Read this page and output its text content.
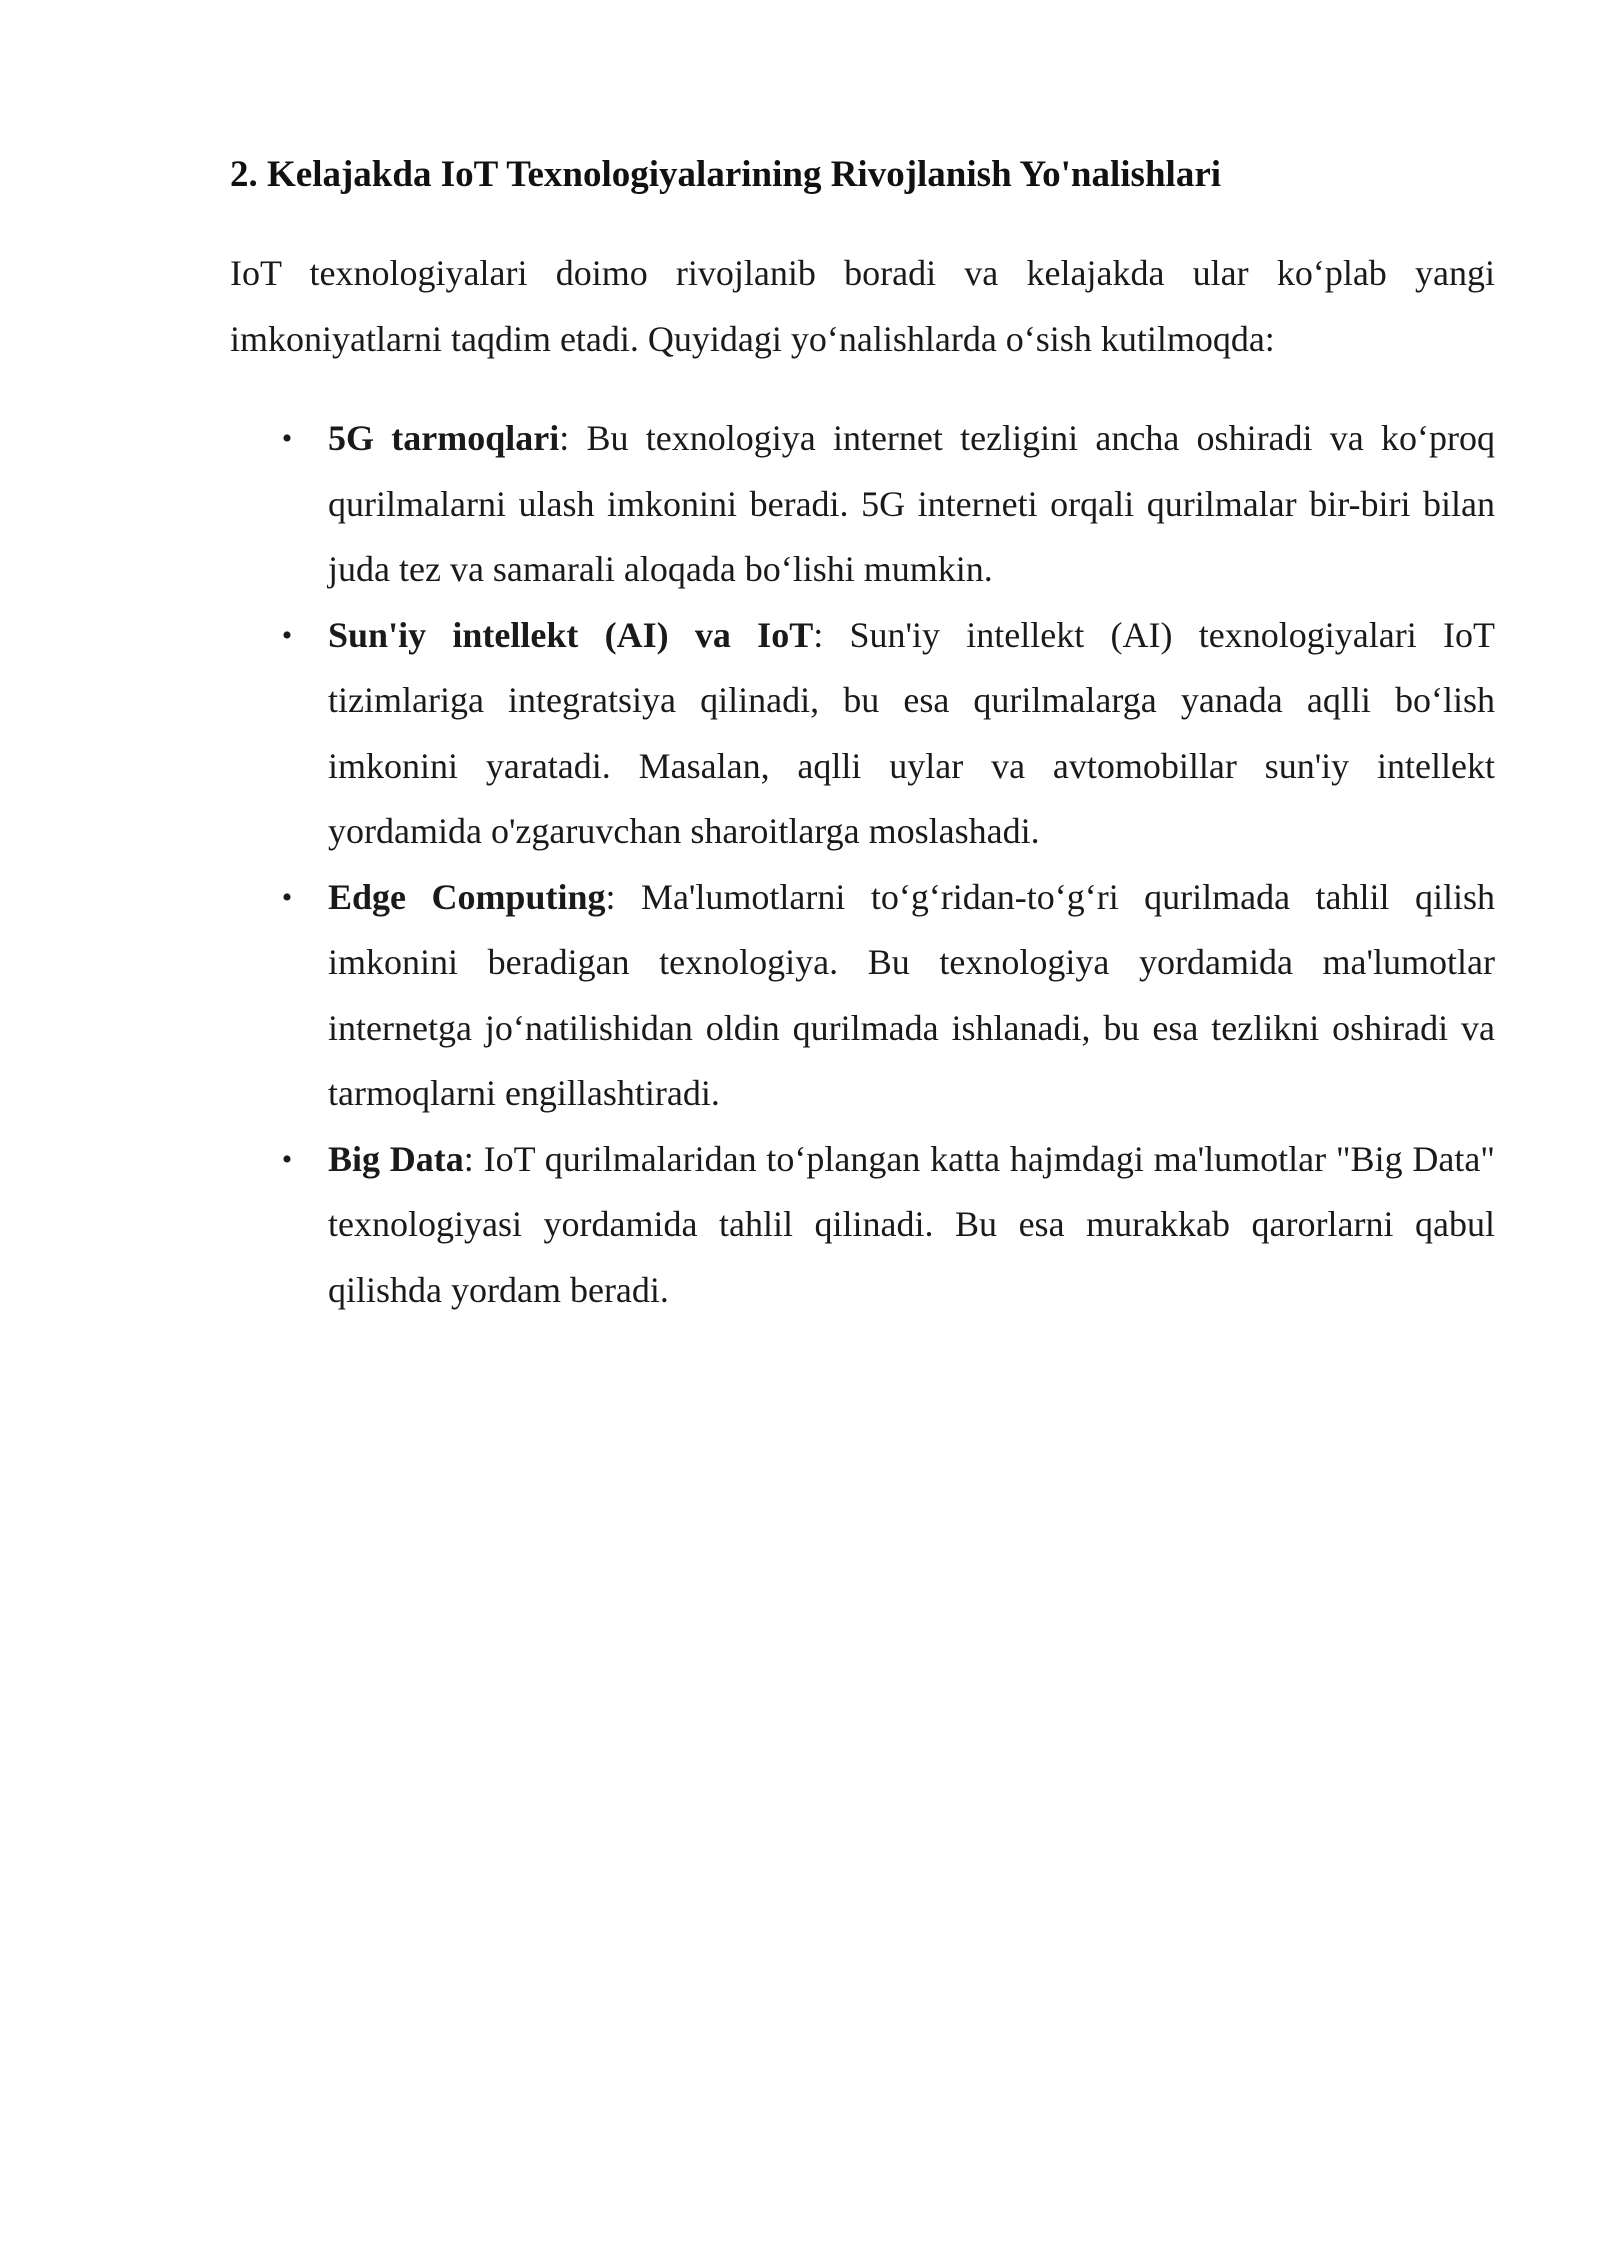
2. Kelajakda IoT Texnologiyalarining Rivojlanish Yo'nalishlari

IoT texnologiyalari doimo rivojlanib boradi va kelajakda ular ko‘plab yangi imkoniyatlarni taqdim etadi. Quyidagi yo‘nalishlarda o‘sish kutilmoqda:

• 5G tarmoqlari: Bu texnologiya internet tezligini ancha oshiradi va ko‘proq qurilmalarni ulash imkonini beradi. 5G interneti orqali qurilmalar bir-biri bilan juda tez va samarali aloqada bo‘lishi mumkin.
• Sun'iy intellekt (AI) va IoT: Sun'iy intellekt (AI) texnologiyalari IoT tizimlariga integratsiya qilinadi, bu esa qurilmalarga yanada aqlli bo‘lish imkonini yaratadi. Masalan, aqlli uylar va avtomobillar sun'iy intellekt yordamida o'zgaruvchan sharoitlarga moslashadi.
• Edge Computing: Ma'lumotlarni to‘g‘ridan-to‘g‘ri qurilmada tahlil qilish imkonini beradigan texnologiya. Bu texnologiya yordamida ma'lumotlar internetga jo‘natilishidan oldin qurilmada ishlanadi, bu esa tezlikni oshiradi va tarmoqlarni engillashtiradi.
• Big Data: IoT qurilmalaridan to‘plangan katta hajmdagi ma'lumotlar "Big Data" texnologiyasi yordamida tahlil qilinadi. Bu esa murakkab qarorlarni qabul qilishda yordam beradi.
